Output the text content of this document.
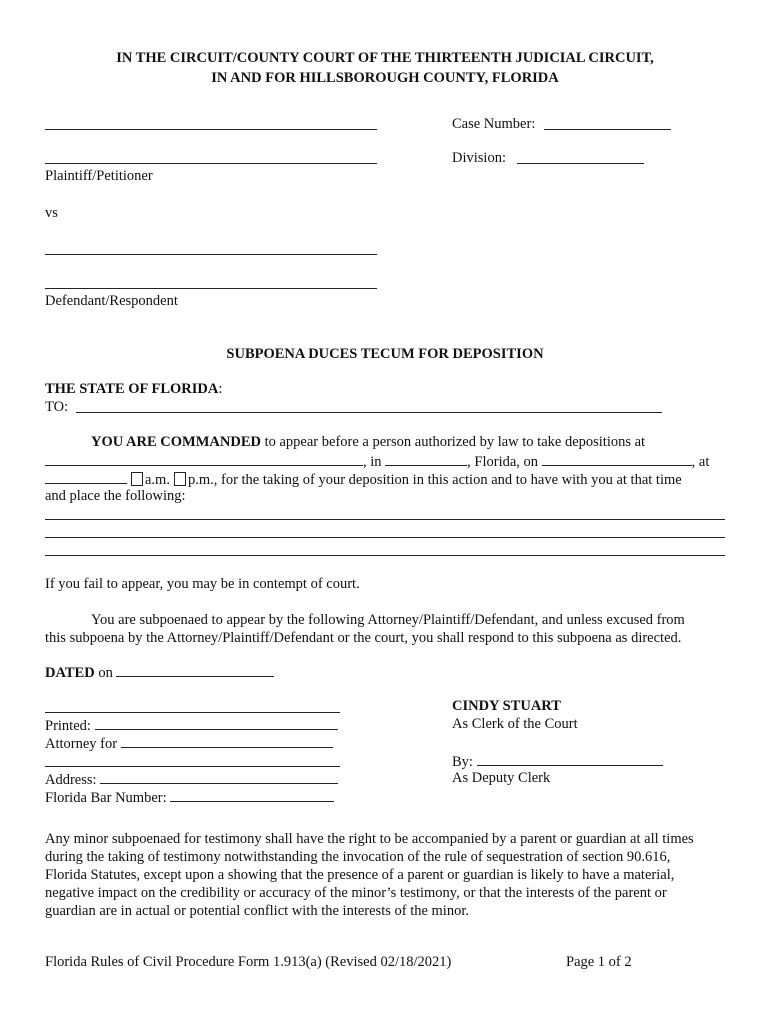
IN THE CIRCUIT/COUNTY COURT OF THE THIRTEENTH JUDICIAL CIRCUIT,
IN AND FOR HILLSBOROUGH COUNTY, FLORIDA
Plaintiff/Petitioner
vs
Defendant/Respondent
Case Number:
Division:
SUBPOENA DUCES TECUM FOR DEPOSITION
THE STATE OF FLORIDA:
TO:
YOU ARE COMMANDED to appear before a person authorized by law to take depositions at
, in	, Florida, on	, at
a.m. p.m., for the taking of your deposition in this action and to have with you at that time
and place the following:
If you fail to appear, you may be in contempt of court.
You are subpoenaed to appear by the following Attorney/Plaintiff/Defendant, and unless excused from
this subpoena by the Attorney/Plaintiff/Defendant or the court, you shall respond to this subpoena as directed.
DATED on
Printed:
Attorney for
Address:
Florida Bar Number:
CINDY STUART
As Clerk of the Court
By:
As Deputy Clerk
Any minor subpoenaed for testimony shall have the right to be accompanied by a parent or guardian at all times
during the taking of testimony notwithstanding the invocation of the rule of sequestration of section 90.616,
Florida Statutes, except upon a showing that the presence of a parent or guardian is likely to have a material,
negative impact on the credibility or accuracy of the minor’s testimony, or that the interests of the parent or
guardian are in actual or potential conflict with the interests of the minor.
Florida Rules of Civil Procedure Form 1.913(a) (Revised 02/18/2021)	Page 1 of 2
